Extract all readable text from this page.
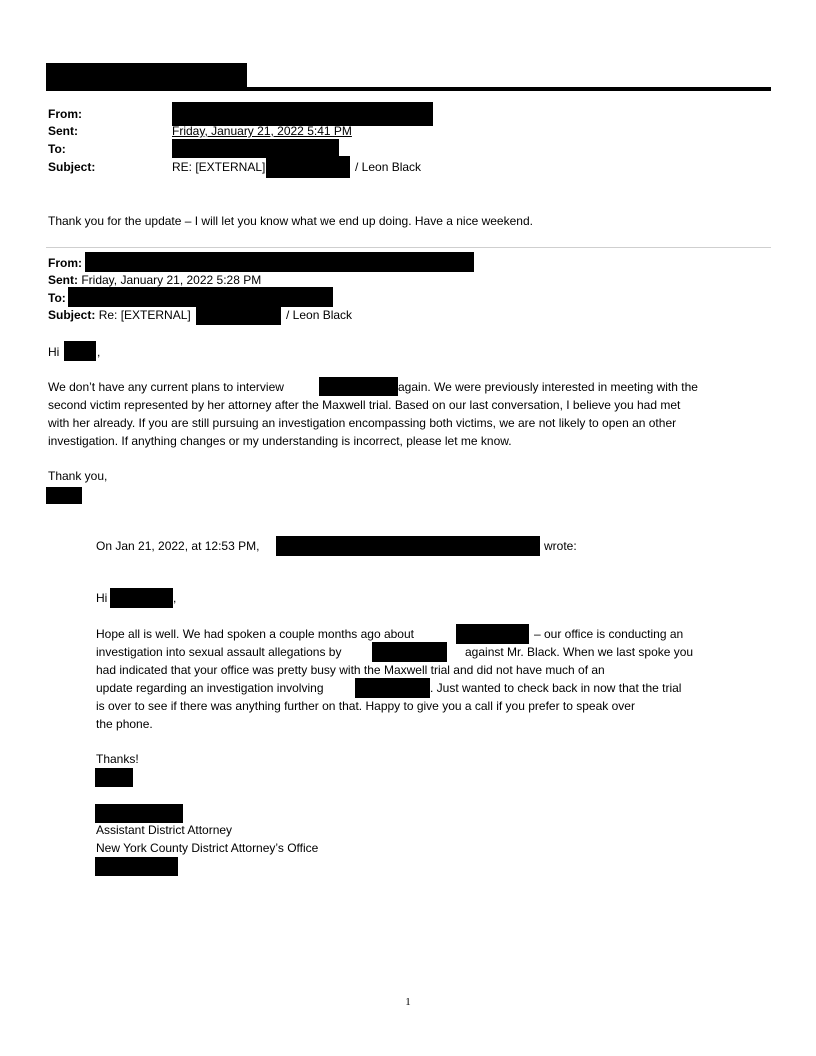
From:
Sent:	Friday, January 21, 2022 5:41 PM
To:
Subject:	RE: [EXTERNAL]	/ Leon Black
Thank you for the update – I will let you know what we end up doing. Have a nice weekend.
From:
Sent: Friday, January 21, 2022 5:28 PM
To:
Subject: Re: [EXTERNAL]	/ Leon Black
Hi	,
We don’t have any current plans to interview	again. We were previously interested in meeting with the
second victim represented by her attorney after the Maxwell trial. Based on our last conversation, I believe you had met
with her already. If you are still pursuing an investigation encompassing both victims, we are not likely to open an other
investigation. If anything changes or my understanding is incorrect, please let me know.
Thank you,
On Jan 21, 2022, at 12:53 PM,	wrote:
Hi	,
Hope all is well. We had spoken a couple months ago about	– our office is conducting an
investigation into sexual assault allegations by	against Mr. Black. When we last spoke you
had indicated that your office was pretty busy with the Maxwell trial and did not have much of an
update regarding an investigation involving	. Just wanted to check back in now that the trial
is over to see if there was anything further on that. Happy to give you a call if you prefer to speak over
the phone.
Thanks!
Assistant District Attorney
New York County District Attorney’s Office
1
